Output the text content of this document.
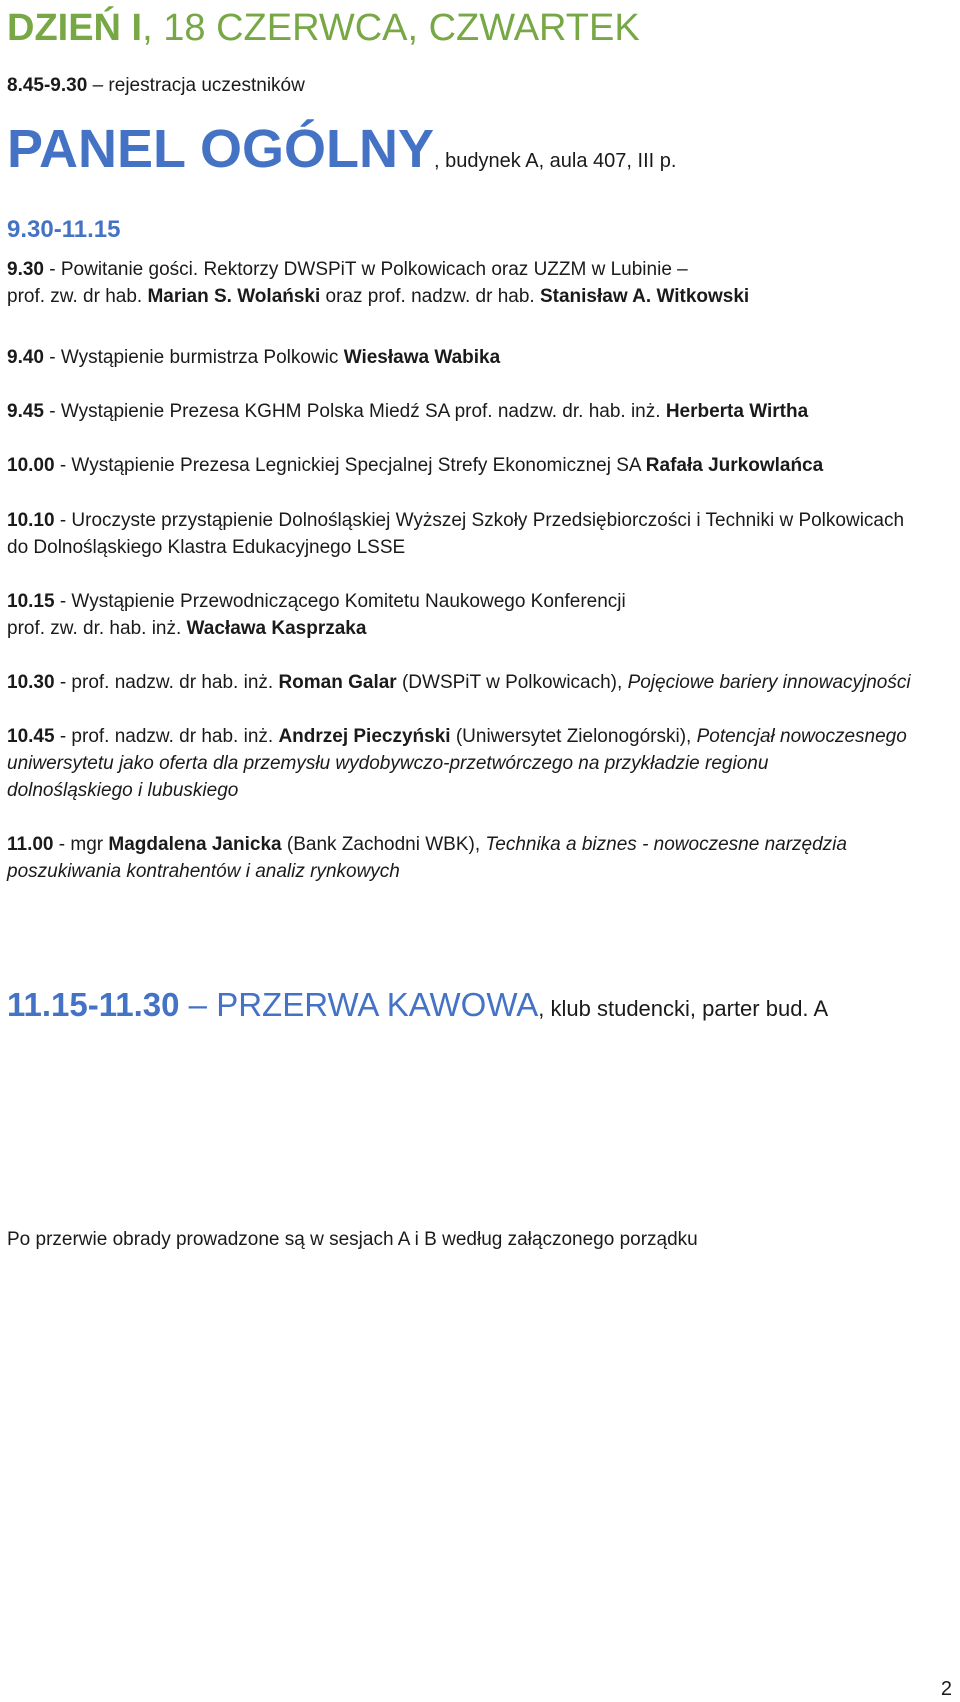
DZIEŃ I, 18 CZERWCA, CZWARTEK
8.45-9.30 – rejestracja uczestników
PANEL OGÓLNY, budynek A, aula 407, III p.
9.30-11.15
9.30 - Powitanie gości. Rektorzy DWSPiT w Polkowicach oraz UZZM w Lubinie –
prof. zw. dr hab. Marian S. Wolański oraz prof. nadzw. dr hab. Stanisław A. Witkowski
9.40 - Wystąpienie burmistrza Polkowic Wiesława Wabika
9.45 - Wystąpienie Prezesa KGHM Polska Miedź SA prof. nadzw. dr. hab. inż. Herberta Wirtha
10.00 - Wystąpienie Prezesa Legnickiej Specjalnej Strefy Ekonomicznej SA Rafała Jurkowlańca
10.10 - Uroczyste przystąpienie Dolnośląskiej Wyższej Szkoły Przedsiębiorczości i Techniki w Polkowicach
do Dolnośląskiego Klastra Edukacyjnego LSSE
10.15 - Wystąpienie Przewodniczącego Komitetu Naukowego Konferencji
prof. zw. dr. hab. inż. Wacława Kasprzaka
10.30 - prof. nadzw. dr hab. inż. Roman Galar (DWSPiT w Polkowicach), Pojęciowe bariery innowacyjności
10.45 - prof. nadzw. dr hab. inż. Andrzej Pieczyński (Uniwersytet Zielonogórski), Potencjał nowoczesnego
uniwersytetu jako oferta dla przemysłu wydobywczo-przetwórczego na przykładzie regionu
dolnośląskiego i lubuskiego
11.00 - mgr Magdalena Janicka (Bank Zachodni WBK), Technika a biznes - nowoczesne narzędzia
poszukiwania kontrahentów i analiz rynkowych
11.15-11.30 – PRZERWA KAWOWA, klub studencki, parter bud. A
Po przerwie obrady prowadzone są w sesjach A i B według załączonego porządku
2
